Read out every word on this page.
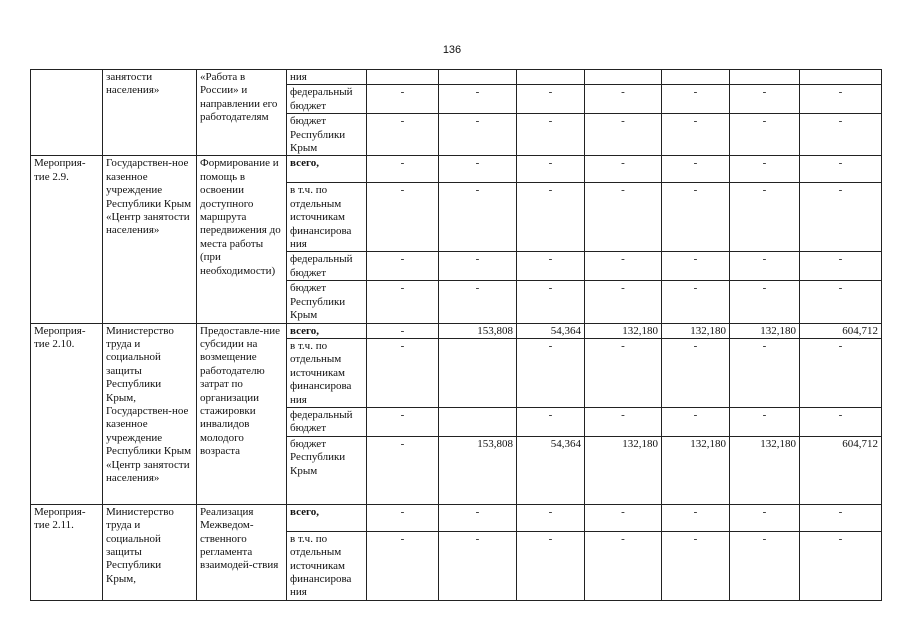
136
	занятости населения»	«Работа в России» и направлении его работодателям	ния							
			федеральный бюджет	-	-	-	-	-	-	-
			бюджет Республики Крым	-	-	-	-	-	-	-
Мероприя-тие 2.9.	Государствен-ное казенное учреждение Республики Крым «Центр занятости населения»	Формирование и помощь в освоении доступного маршрута передвижения до места работы (при необходимости)	всего,	-	-	-	-	-	-	-
			в т.ч. по отдельным источникам финансирова ния	-	-	-	-	-	-	-
			федеральный бюджет	-	-	-	-	-	-	-
			бюджет Республики Крым	-	-	-	-	-	-	-
Мероприя-тие 2.10.	Министерство труда и социальной защиты Республики Крым, Государствен-ное казенное учреждение Республики Крым «Центр занятости населения»	Предоставле-ние субсидии на возмещение работодателю затрат по организации стажировки инвалидов молодого возраста	всего,	-	153,808	54,364	132,180	132,180	132,180	604,712
			в т.ч. по отдельным источникам финансирова ния	-		-	-	-	-	-
			федеральный бюджет	-		-	-	-	-	-
			бюджет Республики Крым	-	153,808	54,364	132,180	132,180	132,180	604,712
Мероприя-тие 2.11.	Министерство труда и социальной защиты Республики Крым,	Реализация Межведом-ственного регламента взаимодей-ствия	всего,	-	-	-	-	-	-	-
			в т.ч. по отдельным источникам финансирова ния	-	-	-	-	-	-	-
